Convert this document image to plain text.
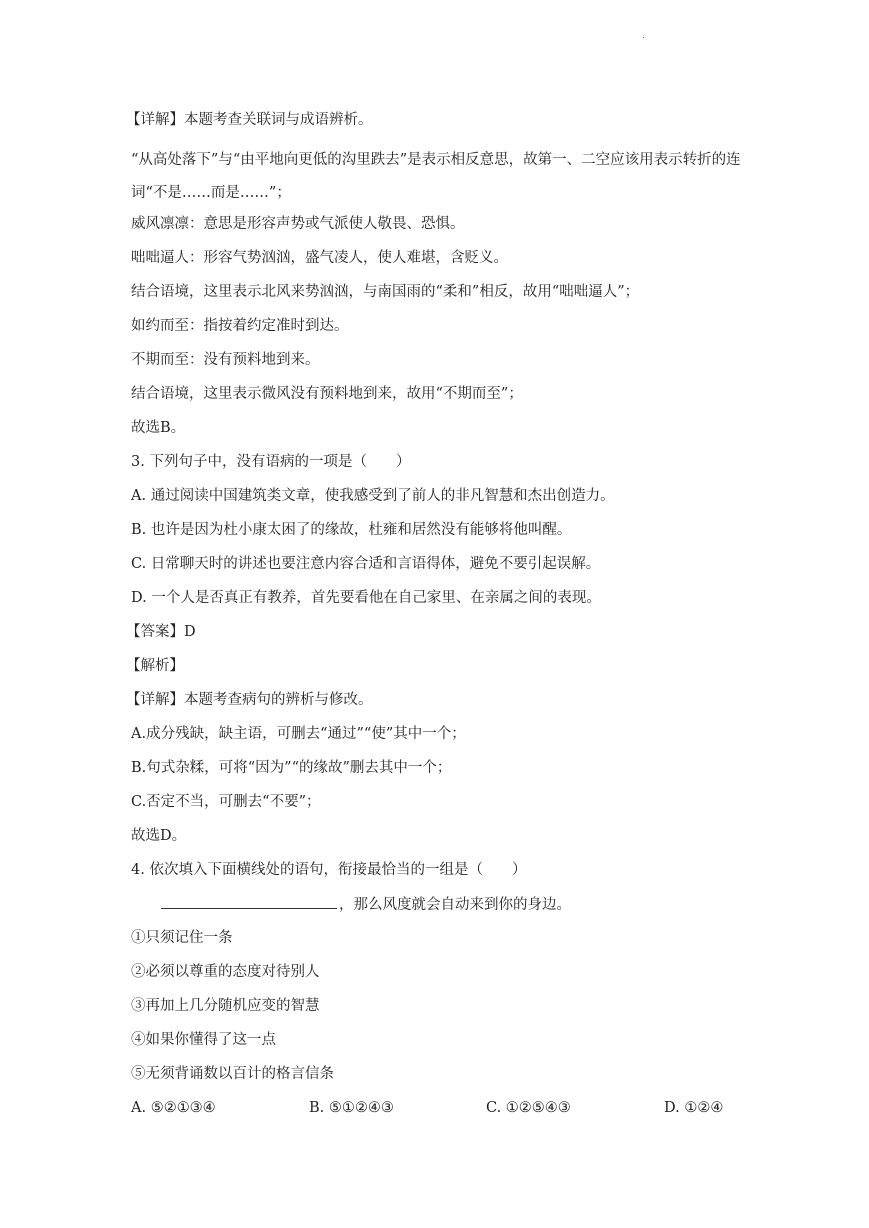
.
【详解】本题考查关联词与成语辨析。
“从高处落下”与“由平地向更低的沟里跌去”是表示相反意思，故第一、二空应该用表示转折的连词“不是……而是……”；
威风凛凛：意思是形容声势或气派使人敬畏、恐惧。
咄咄逼人：形容气势汹汹，盛气凌人，使人难堪，含贬义。
结合语境，这里表示北风来势汹汹，与南国雨的“柔和”相反，故用“咄咄逼人”；
如约而至：指按着约定准时到达。
不期而至：没有预料地到来。
结合语境，这里表示微风没有预料地到来，故用“不期而至”；
故选B。
3. 下列句子中，没有语病的一项是（　　）
A. 通过阅读中国建筑类文章，使我感受到了前人的非凡智慧和杰出创造力。
B. 也许是因为杜小康太困了的缘故，杜雍和居然没有能够将他叫醒。
C. 日常聊天时的讲述也要注意内容合适和言语得体，避免不要引起误解。
D. 一个人是否真正有教养，首先要看他在自己家里、在亲属之间的表现。
【答案】D
【解析】
【详解】本题考查病句的辨析与修改。
A.成分残缺，缺主语，可删去“通过”“使”其中一个；
B.句式杂糅，可将“因为”“的缘故”删去其中一个；
C.否定不当，可删去“不要”；
故选D。
4. 依次填入下面横线处的语句，衔接最恰当的一组是（　　）
，那么风度就会自动来到你的身边。
①只须记住一条
②必须以尊重的态度对待别人
③再加上几分随机应变的智慧
④如果你懂得了这一点
⑤无须背诵数以百计的格言信条
A. ⑤②①③④	B. ⑤①②④③	C. ①②⑤④③	D. ①②④
